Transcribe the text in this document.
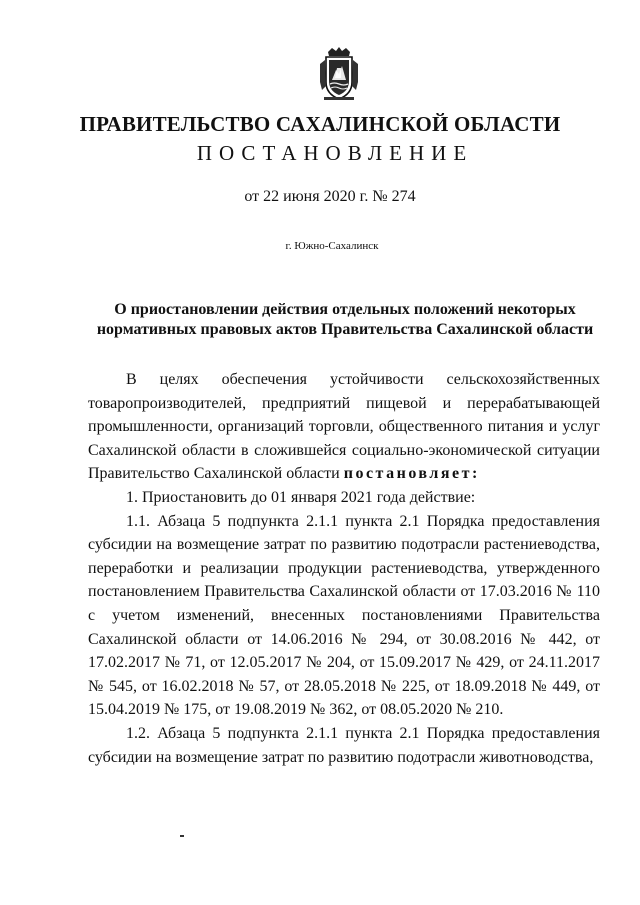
ПРАВИТЕЛЬСТВО САХАЛИНСКОЙ ОБЛАСТИ
ПОСТАНОВЛЕНИЕ
от 22 июня 2020 г. № 274
г. Южно-Сахалинск
О приостановлении действия отдельных положений некоторых
нормативных правовых актов Правительства Сахалинской области

В целях обеспечения устойчивости сельскохозяйственных товаропроизводителей, предприятий пищевой и перерабатывающей промышленности, организаций торговли, общественного питания и услуг Сахалинской области в сложившейся социально-экономической ситуации Правительство Сахалинской области постановляет:

1. Приостановить до 01 января 2021 года действие:

1.1. Абзаца 5 подпункта 2.1.1 пункта 2.1 Порядка предоставления субсидии на возмещение затрат по развитию подотрасли растениеводства, переработки и реализации продукции растениеводства, утвержденного постановлением Правительства Сахалинской области от 17.03.2016 № 110 с учетом изменений, внесенных постановлениями Правительства Сахалинской области от 14.06.2016 № 294, от 30.08.2016 № 442, от 17.02.2017 № 71, от 12.05.2017 № 204, от 15.09.2017 № 429, от 24.11.2017 № 545, от 16.02.2018 № 57, от 28.05.2018 № 225, от 18.09.2018 № 449, от 15.04.2019 № 175, от 19.08.2019 № 362, от 08.05.2020 № 210.

1.2. Абзаца 5 подпункта 2.1.1 пункта 2.1 Порядка предоставления субсидии на возмещение затрат по развитию подотрасли животноводства,
